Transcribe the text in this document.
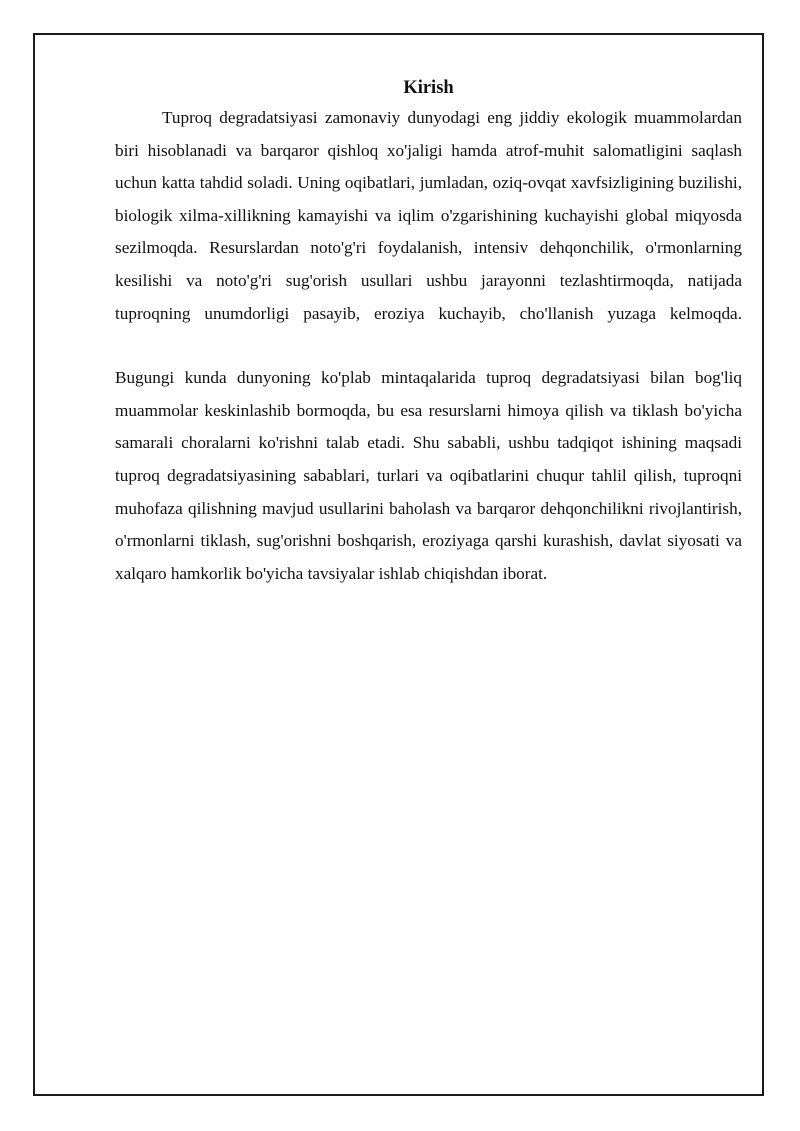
Kirish

Tuproq degradatsiyasi zamonaviy dunyodagi eng jiddiy ekologik muammolardan biri hisoblanadi va barqaror qishloq xo'jaligi hamda atrof-muhit salomatligini saqlash uchun katta tahdid soladi. Uning oqibatlari, jumladan, oziq-ovqat xavfsizligining buzilishi, biologik xilma-xillikning kamayishi va iqlim o'zgarishining kuchayishi global miqyosda sezilmoqda. Resurslardan noto'g'ri foydalanish, intensiv dehqonchilik, o'rmonlarning kesilishi va noto'g'ri sug'orish usullari ushbu jarayonni tezlashtirmoqda, natijada tuproqning unumdorligi pasayib, eroziya kuchayib, cho'llanish yuzaga kelmoqda.

Bugungi kunda dunyoning ko'plab mintaqalarida tuproq degradatsiyasi bilan bog'liq muammolar keskinlashib bormoqda, bu esa resurslarni himoya qilish va tiklash bo'yicha samarali choralarni ko'rishni talab etadi. Shu sababli, ushbu tadqiqot ishining maqsadi tuproq degradatsiyasining sabablari, turlari va oqibatlarini chuqur tahlil qilish, tuproqni muhofaza qilishning mavjud usullarini baholash va barqaror dehqonchilikni rivojlantirish, o'rmonlarni tiklash, sug'orishni boshqarish, eroziyaga qarshi kurashish, davlat siyosati va xalqaro hamkorlik bo'yicha tavsiyalar ishlab chiqishdan iborat.
